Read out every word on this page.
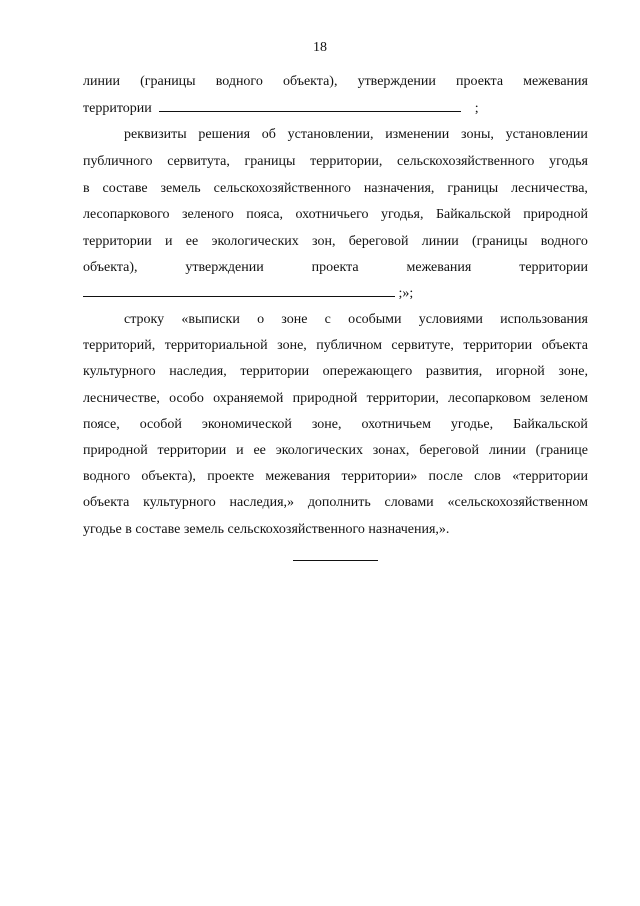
18
линии (границы водного объекта), утверждении проекта межевания
территории	;
реквизиты решения об установлении, изменении зоны, установлении
публичного сервитута, границы территории, сельскохозяйственного угодья
в составе земель сельскохозяйственного назначения, границы лесничества,
лесопаркового зеленого пояса, охотничьего угодья, Байкальской природной
территории и ее экологических зон, береговой линии (границы водного
объекта),	утверждении	проекта	межевания	территории
;»;
строку «выписки о зоне с особыми условиями использования
территорий, территориальной зоне, публичном сервитуте, территории объекта
культурного наследия, территории опережающего развития, игорной зоне,
лесничестве, особо охраняемой природной территории, лесопарковом зеленом
поясе, особой экономической зоне, охотничьем угодье, Байкальской
природной территории и ее экологических зонах, береговой линии (границе
водного объекта), проекте межевания территории» после слов «территории
объекта культурного наследия,» дополнить словами «сельскохозяйственном
угодье в составе земель сельскохозяйственного назначения,».
